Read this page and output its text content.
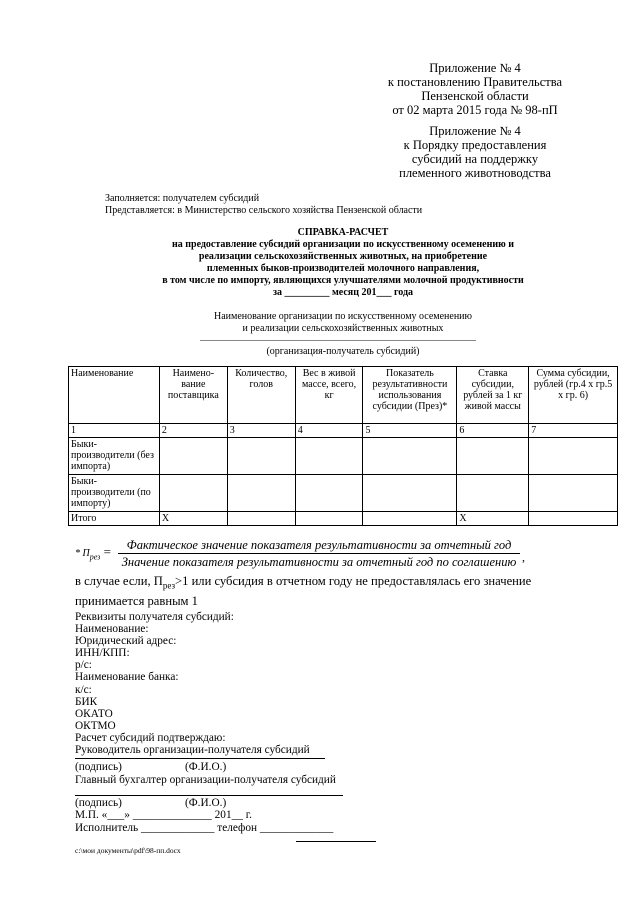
Приложение № 4
к постановлению Правительства
Пензенской области
от 02 марта 2015 года № 98-пП
Приложение № 4
к Порядку предоставления
субсидий на поддержку
племенного животноводства
Заполняется: получателем субсидий
Представляется: в Министерство сельского хозяйства Пензенской области
СПРАВКА-РАСЧЕТ
на предоставление субсидий организации по искусственному осеменению и
реализации сельскохозяйственных животных, на приобретение
племенных быков-производителей молочного направления,
в том числе по импорту, являющихся улучшателями молочной продуктивности
за _________ месяц 201___ года
Наименование организации по искусственному осеменению
и реализации сельскохозяйственных животных
(организация-получатель субсидий)
Наименование	Наимено-вание поставщика	Количество, голов	Вес в живой массе, всего, кг	Показатель результативности использования субсидии (През)*	Ставка субсидии, рублей за 1 кг живой массы	Сумма субсидии, рублей (гр.4 х гр.5 х гр. 6)
1	2	3	4	5	6	7
Быки-производители (без импорта)						
Быки-производители (по импорту)						
Итого	Х				Х	
* $П_{рез}$ =	Фактическое значение показателя результативности за отчетный год
Значение показателя результативности за отчетный год по соглашению ,
в случае если, $П_{рез}>1$ или субсидия в отчетном году не предоставлялась его значение
принимается равным 1

Реквизиты получателя субсидий:

Наименование:

Юридический адрес:

ИНН/КПП:

р/с:

Наименование банка:

к/с:

БИК

ОКАТО

ОКТМО

Расчет субсидий подтверждаю:

Руководитель организации-получателя субсидий

(подпись)	(Ф.И.О.)
Главный бухгалтер организации-получателя субсидий
(подпись)	(Ф.И.О.)
М.П. «___» ______________ 201__ г.
Исполнитель _____________ телефон _____________
c:\мои документы\pdf\98-пп.docx
